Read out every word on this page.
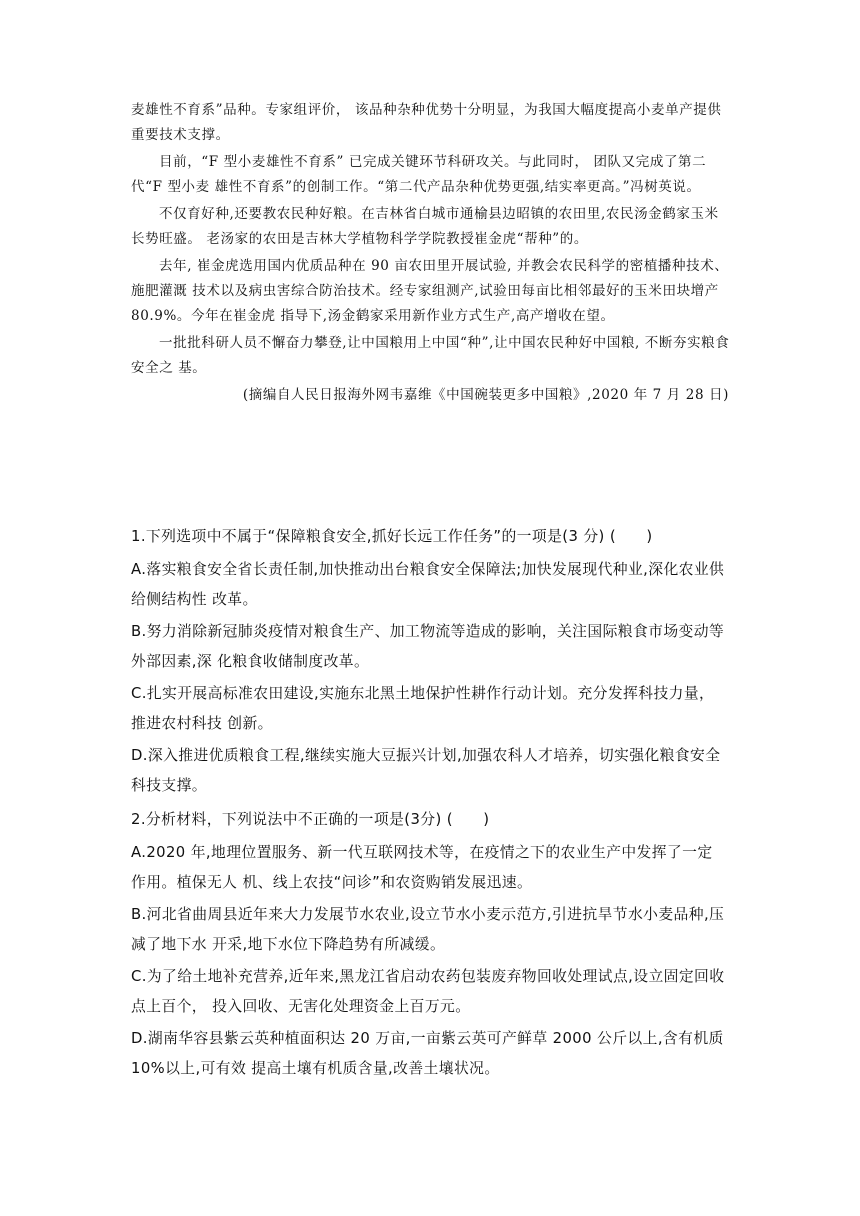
麦雄性不育系”品种。专家组评价， 该品种杂种优势十分明显，为我国大幅度提高小麦单产提供重要技术支撑。

目前，“F 型小麦雄性不育系” 已完成关键环节科研攻关。与此同时， 团队又完成了第二代“F 型小麦 雄性不育系”的创制工作。“第二代产品杂种优势更强,结实率更高。”冯树英说。

不仅育好种,还要教农民种好粮。在吉林省白城市通榆县边昭镇的农田里,农民汤金鹤家玉米长势旺盛。 老汤家的农田是吉林大学植物科学学院教授崔金虎“帮种”的。

去年, 崔金虎选用国内优质品种在 90 亩农田里开展试验, 并教会农民科学的密植播种技术、施肥灌溉 技术以及病虫害综合防治技术。经专家组测产,试验田每亩比相邻最好的玉米田块增产 80.9%。今年在崔金虎 指导下,汤金鹤家采用新作业方式生产,高产增收在望。

一批批科研人员不懈奋力攀登,让中国粮用上中国“种”,让中国农民种好中国粮, 不断夯实粮食安全之 基。

(摘编自人民日报海外网韦嘉维《中国碗装更多中国粮》,2020 年 7 月 28 日)

1.下列选项中不属于“保障粮食安全,抓好长远工作任务”的一项是(3 分) (　　)

A.落实粮食安全省长责任制,加快推动出台粮食安全保障法;加快发展现代种业,深化农业供给侧结构性 改革。

B.努力消除新冠肺炎疫情对粮食生产、加工物流等造成的影响，关注国际粮食市场变动等外部因素,深 化粮食收储制度改革。

C.扎实开展高标准农田建设,实施东北黑土地保护性耕作行动计划。充分发挥科技力量，推进农村科技 创新。

D.深入推进优质粮食工程,继续实施大豆振兴计划,加强农科人才培养，切实强化粮食安全科技支撑。

2.分析材料，下列说法中不正确的一项是(3分) (　　)

A.2020 年,地理位置服务、新一代互联网技术等，在疫情之下的农业生产中发挥了一定作用。植保无人 机、线上农技“问诊”和农资购销发展迅速。

B.河北省曲周县近年来大力发展节水农业,设立节水小麦示范方,引进抗旱节水小麦品种,压减了地下水 开采,地下水位下降趋势有所减缓。

C.为了给土地补充营养,近年来,黑龙江省启动农药包装废弃物回收处理试点,设立固定回收点上百个， 投入回收、无害化处理资金上百万元。

D.湖南华容县紫云英种植面积达 20 万亩,一亩紫云英可产鲜草 2000 公斤以上,含有机质10%以上,可有效 提高土壤有机质含量,改善土壤状况。
